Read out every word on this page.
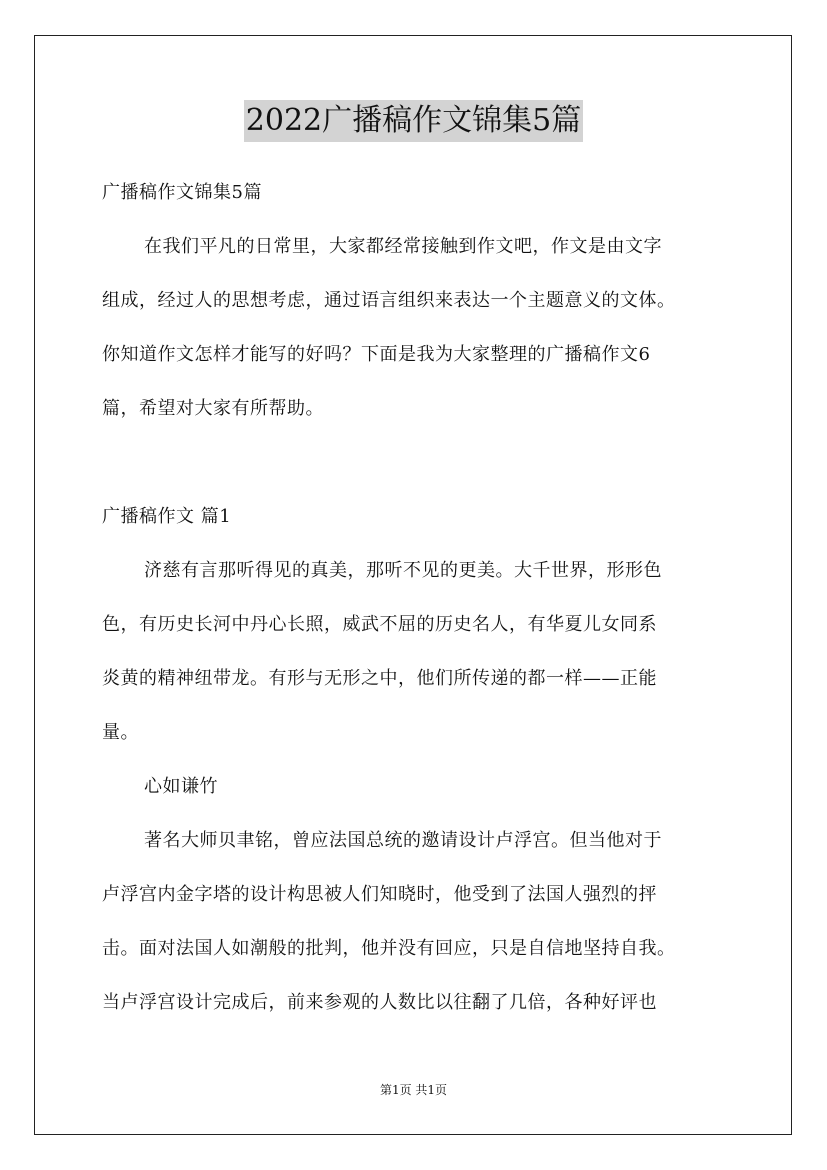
2022广播稿作文锦集5篇
广播稿作文锦集5篇
在我们平凡的日常里，大家都经常接触到作文吧，作文是由文字
组成，经过人的思想考虑，通过语言组织来表达一个主题意义的文体。
你知道作文怎样才能写的好吗？下面是我为大家整理的广播稿作文6
篇，希望对大家有所帮助。
广播稿作文 篇1
济慈有言那听得见的真美，那听不见的更美。大千世界，形形色
色，有历史长河中丹心长照，威武不屈的历史名人，有华夏儿女同系
炎黄的精神纽带龙。有形与无形之中，他们所传递的都一样——正能
量。
心如谦竹
著名大师贝聿铭，曾应法国总统的邀请设计卢浮宫。但当他对于
卢浮宫内金字塔的设计构思被人们知晓时，他受到了法国人强烈的抨
击。面对法国人如潮般的批判，他并没有回应，只是自信地坚持自我。
当卢浮宫设计完成后，前来参观的人数比以往翻了几倍，各种好评也
第1页 共1页
